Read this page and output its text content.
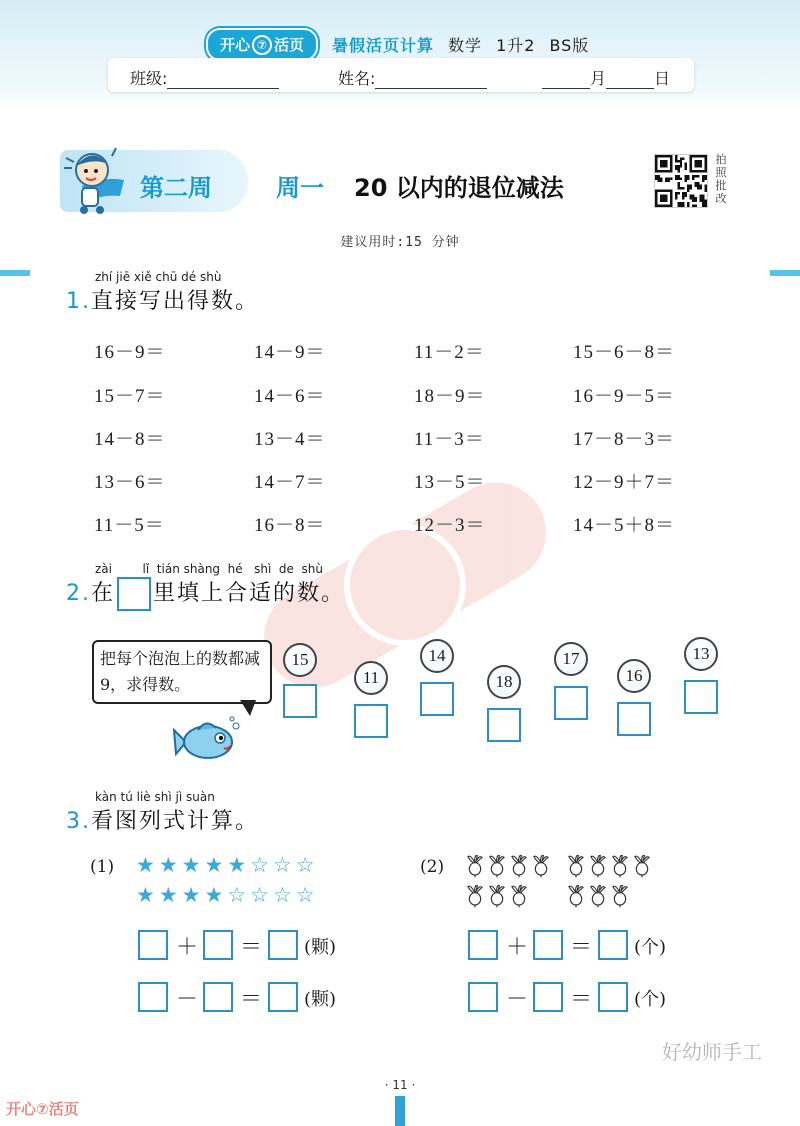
开心 ⑦ 活页 暑假活页计算 数学 1升2 BS版
班级:	姓名:	月	日
第二周	周一 20 以内的退位减法
拍
照
批
改
建议用时:15 分钟
zhí jiē xiě chū dé shù
1.直接写出得数。
16－9＝	14－9＝	11－2＝	15－6－8＝
15－7＝	14－6＝	18－9＝	16－9－5＝
14－8＝	13－4＝	11－3＝	17－8－3＝
13－6＝	14－7＝	13－5＝	12－9＋7＝
11－5＝	16－8＝	12－3＝	14－5＋8＝
zài        lǐ  tián shàng  hé   shì  de  shù
2.在 里填上合适的数。
把每个泡泡上的数都减 9，求得数。
15
11
14
18
17
16
13
kàn tú liè shì jì suàn
3.看图列式计算。
(1) ★★★★★☆☆☆
★★★★☆☆☆☆
(2)
＋ ＝ (颗)
－ ＝ (颗)
＋ ＝ (个)
－ ＝ (个)
好幼师手工
· 11 ·
开心⑦活页
